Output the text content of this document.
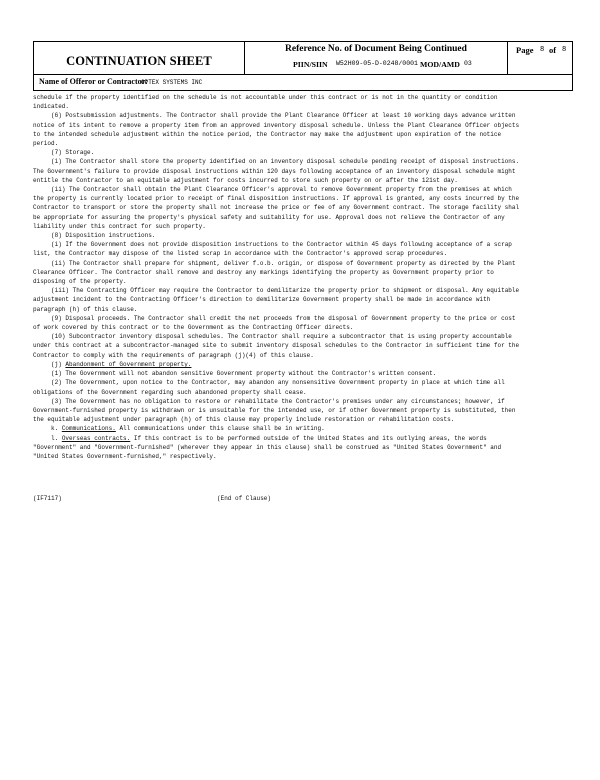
CONTINUATION SHEET
Reference No. of Document Being Continued
PIIN/SIIN W52H09-05-D-0248/0001 MOD/AMD 03
Page 8 of 8
Name of Offeror or Contractor:
OPTEX SYSTEMS INC

schedule if the property identified on the schedule is not accountable under this contract or is not in the quantity or condition
indicated.

(6) Postsubmission adjustments. The Contractor shall provide the Plant Clearance Officer at least 10 working days advance written
notice of its intent to remove a property item from an approved inventory disposal schedule. Unless the Plant Clearance Officer objects
to the intended schedule adjustment within the notice period, the Contractor may make the adjustment upon expiration of the notice
period.

(7) Storage.

(i) The Contractor shall store the property identified on an inventory disposal schedule pending receipt of disposal instructions.
The Government's failure to provide disposal instructions within 120 days following acceptance of an inventory disposal schedule might
entitle the Contractor to an equitable adjustment for costs incurred to store such property on or after the 121st day.

(ii) The Contractor shall obtain the Plant Clearance Officer's approval to remove Government property from the premises at which
the property is currently located prior to receipt of final disposition instructions. If approval is granted, any costs incurred by the
Contractor to transport or store the property shall not increase the price or fee of any Government contract. The storage facility shal
be appropriate for assuring the property's physical safety and suitability for use. Approval does not relieve the Contractor of any
liability under this contract for such property.

(8) Disposition instructions.

(i) If the Government does not provide disposition instructions to the Contractor within 45 days following acceptance of a scrap
list, the Contractor may dispose of the listed scrap in accordance with the Contractor's approved scrap procedures.

(ii) The Contractor shall prepare for shipment, deliver f.o.b. origin, or dispose of Government property as directed by the Plant
Clearance Officer. The Contractor shall remove and destroy any markings identifying the property as Government property prior to
disposing of the property.

(iii) The Contracting Officer may require the Contractor to demilitarize the property prior to shipment or disposal. Any equitable
adjustment incident to the Contracting Officer's direction to demilitarize Government property shall be made in accordance with
paragraph (h) of this clause.

(9) Disposal proceeds. The Contractor shall credit the net proceeds from the disposal of Government property to the price or cost
of work covered by this contract or to the Government as the Contracting Officer directs.

(10) Subcontractor inventory disposal schedules. The Contractor shall require a subcontractor that is using property accountable
under this contract at a subcontractor-managed site to submit inventory disposal schedules to the Contractor in sufficient time for the
Contractor to comply with the requirements of paragraph (j)(4) of this clause.

(j) Abandonment of Government property.

(1) The Government will not abandon sensitive Government property without the Contractor's written consent.

(2) The Government, upon notice to the Contractor, may abandon any nonsensitive Government property in place at which time all
obligations of the Government regarding such abandoned property shall cease.

(3) The Government has no obligation to restore or rehabilitate the Contractor's premises under any circumstances; however, if
Government-furnished property is withdrawn or is unsuitable for the intended use, or if other Government property is substituted, then
the equitable adjustment under paragraph (h) of this clause may properly include restoration or rehabilitation costs.

k. Communications. All communications under this clause shall be in writing.

l. Overseas contracts. If this contract is to be performed outside of the United States and its outlying areas, the words
"Government" and "Government-furnished" (wherever they appear in this clause) shall be construed as "United States Government" and
"United States Government-furnished," respectively.

(IF7117)	(End of Clause)
